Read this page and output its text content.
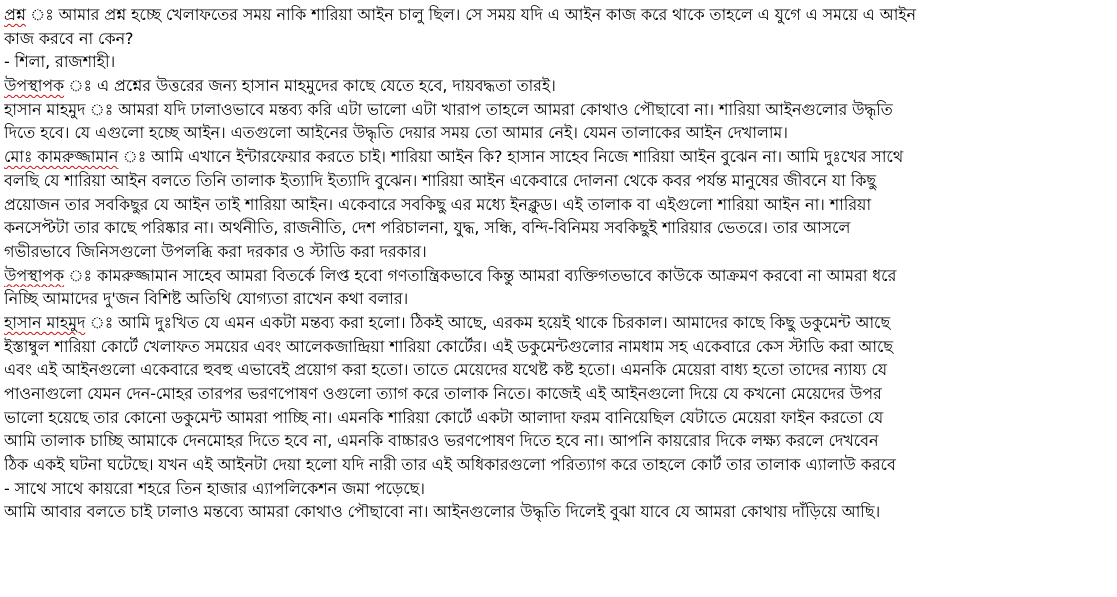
প্রশ্ন ঃ আমার প্রশ্ন হচ্ছে খেলাফতের সময় নাকি শারিয়া আইন চালু ছিল। সে সময় যদি এ আইন কাজ করে থাকে তাহলে এ যুগে এ সময়ে এ আইন
কাজ করবে না কেন?
- শিলা, রাজশাহী।
উপস্থাপক ঃ এ প্রশ্নের উত্তরের জন্য হাসান মাহমুদের কাছে যেতে হবে, দায়বদ্ধতা তারই।
হাসান মাহমুদ ঃ আমরা যদি ঢালাওভাবে মন্তব্য করি এটা ভালো এটা খারাপ তাহলে আমরা কোথাও পৌছাবো না। শারিয়া আইনগুলোর উদ্ধৃতি
দিতে হবে। যে এগুলো হচ্ছে আইন। এতগুলো আইনের উদ্ধৃতি দেয়ার সময় তো আমার নেই। যেমন তালাকের আইন দেখালাম।
মোঃ কামরুজ্জামান ঃ আমি এখানে ইন্টারফেয়ার করতে চাই। শারিয়া আইন কি? হাসান সাহেব নিজে শারিয়া আইন বুঝেন না। আমি দুঃখের সাথে
বলছি যে শারিয়া আইন বলতে তিনি তালাক ইত্যাদি ইত্যাদি বুঝেন। শারিয়া আইন একেবারে দোলনা থেকে কবর পর্যন্ত মানুষের জীবনে যা কিছু
প্রয়োজন তার সবকিছুর যে আইন তাই শারিয়া আইন। একেবারে সবকিছু এর মধ্যে ইনক্লুড। এই তালাক বা এইগুলো শারিয়া আইন না। শারিয়া
কনসেপ্টটা তার কাছে পরিষ্কার না। অর্থনীতি, রাজনীতি, দেশ পরিচালনা, যুদ্ধ, সন্ধি, বন্দি-বিনিময় সবকিছুই শারিয়ার ভেতরে। তার আসলে
গভীরভাবে জিনিসগুলো উপলব্ধি করা দরকার ও স্টাডি করা দরকার।
উপস্থাপক ঃ কামরুজ্জামান সাহেব আমরা বিতর্কে লিপ্ত হবো গণতান্ত্রিকভাবে কিন্তু আমরা ব্যক্তিগতভাবে কাউকে আক্রমণ করবো না আমরা ধরে
নিচ্ছি আমাদের দু'জন বিশিষ্ট অতিথি যোগ্যতা রাখেন কথা বলার।
হাসান মাহমুদ ঃ আমি দুঃখিত যে এমন একটা মন্তব্য করা হলো। ঠিকই আছে, এরকম হয়েই থাকে চিরকাল। আমাদের কাছে কিছু ডকুমেন্ট আছে
ইস্তাম্বুল শারিয়া কোর্টে খেলাফত সময়ের এবং আলেকজান্দ্রিয়া শারিয়া কোর্টের। এই ডকুমেন্টগুলোর নামধাম সহ একেবারে কেস স্টাডি করা আছে
এবং এই আইনগুলো একেবারে হুবহু এভাবেই প্রয়োগ করা হতো। তাতে মেয়েদের যথেষ্ট কষ্ট হতো। এমনকি মেয়েরা বাধ্য হতো তাদের ন্যায্য যে
পাওনাগুলো যেমন দেন-মোহর তারপর ভরণপোষণ ওগুলো ত্যাগ করে তালাক নিতে। কাজেই এই আইনগুলো দিয়ে যে কখনো মেয়েদের উপর
ভালো হয়েছে তার কোনো ডকুমেন্ট আমরা পাচ্ছি না। এমনকি শারিয়া কোর্টে একটা আলাদা ফরম বানিয়েছিল যেটাতে মেয়েরা ফাইন করতো যে
আমি তালাক চাচ্ছি আমাকে দেনমোহর দিতে হবে না, এমনকি বাচ্চারও ভরণপোষণ দিতে হবে না। আপনি কায়রোর দিকে লক্ষ্য করলে দেখবেন
ঠিক একই ঘটনা ঘটেছে। যখন এই আইনটা দেয়া হলো যদি নারী তার এই অধিকারগুলো পরিত্যাগ করে তাহলে কোর্ট তার তালাক এ্যালাউ করবে
- সাথে সাথে কায়রো শহরে তিন হাজার এ্যাপলিকেশন জমা পড়েছে।
আমি আবার বলতে চাই ঢালাও মন্তব্যে আমরা কোথাও পৌছাবো না। আইনগুলোর উদ্ধৃতি দিলেই বুঝা যাবে যে আমরা কোথায় দাঁড়িয়ে আছি।
